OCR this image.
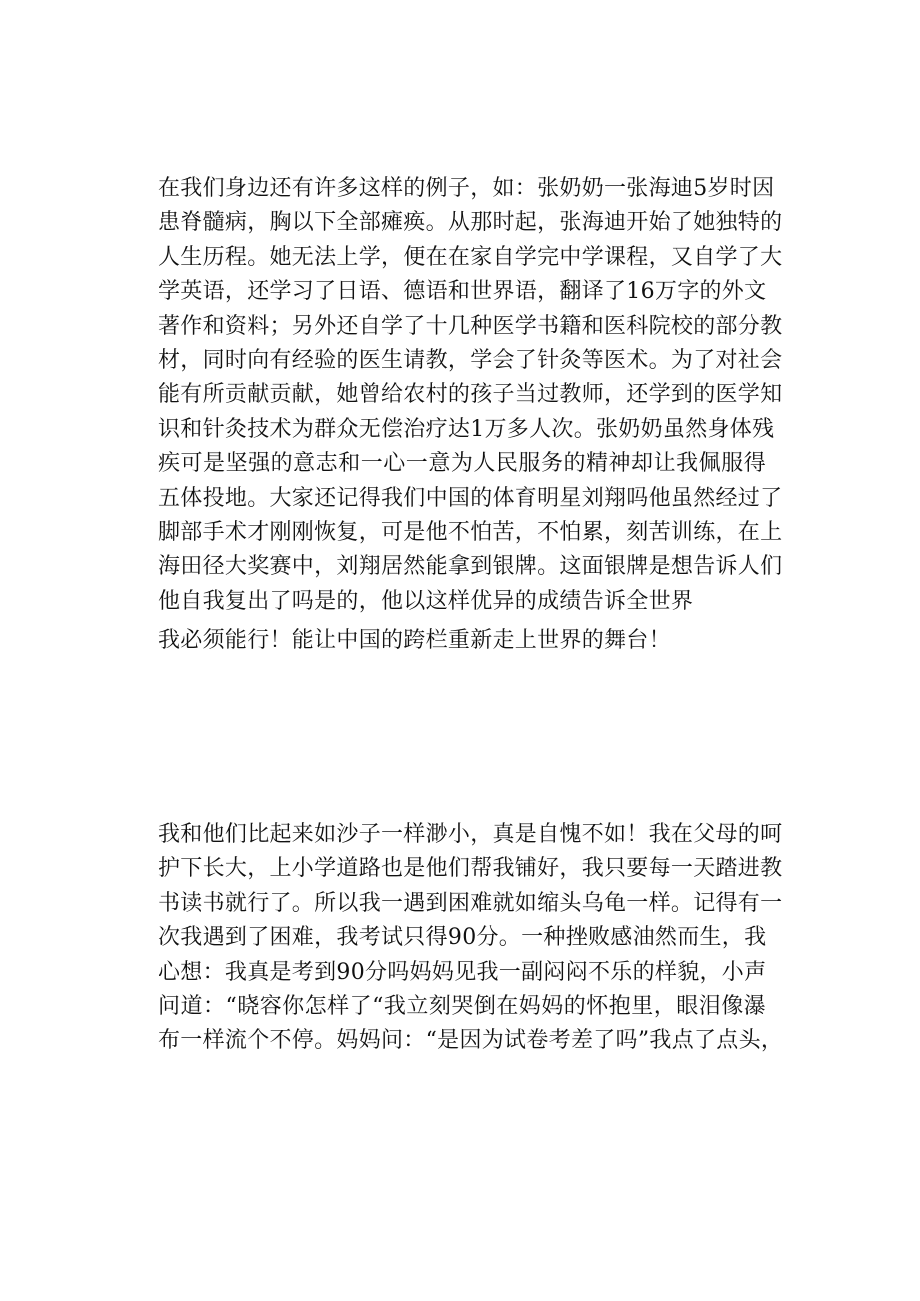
在我们身边还有许多这样的例子，如：张奶奶一张海迪5岁时因
患脊髓病，胸以下全部瘫痪。从那时起，张海迪开始了她独特的
人生历程。她无法上学，便在在家自学完中学课程，又自学了大
学英语，还学习了日语、德语和世界语，翻译了16万字的外文
著作和资料；另外还自学了十几种医学书籍和医科院校的部分教
材，同时向有经验的医生请教，学会了针灸等医术。为了对社会
能有所贡献贡献，她曾给农村的孩子当过教师，还学到的医学知
识和针灸技术为群众无偿治疗达1万多人次。张奶奶虽然身体残
疾可是坚强的意志和一心一意为人民服务的精神却让我佩服得
五体投地。大家还记得我们中国的体育明星刘翔吗他虽然经过了
脚部手术才刚刚恢复，可是他不怕苦，不怕累，刻苦训练，在上
海田径大奖赛中，刘翔居然能拿到银牌。这面银牌是想告诉人们
他自我复出了吗是的，他以这样优异的成绩告诉全世界
我必须能行！能让中国的跨栏重新走上世界的舞台！
我和他们比起来如沙子一样渺小，真是自愧不如！我在父母的呵
护下长大，上小学道路也是他们帮我铺好，我只要每一天踏进教
书读书就行了。所以我一遇到困难就如缩头乌龟一样。记得有一
次我遇到了困难，我考试只得90分。一种挫败感油然而生，我
心想：我真是考到90分吗妈妈见我一副闷闷不乐的样貌，小声
问道：“晓容你怎样了“我立刻哭倒在妈妈的怀抱里，眼泪像瀑
布一样流个不停。妈妈问：“是因为试卷考差了吗”我点了点头，
